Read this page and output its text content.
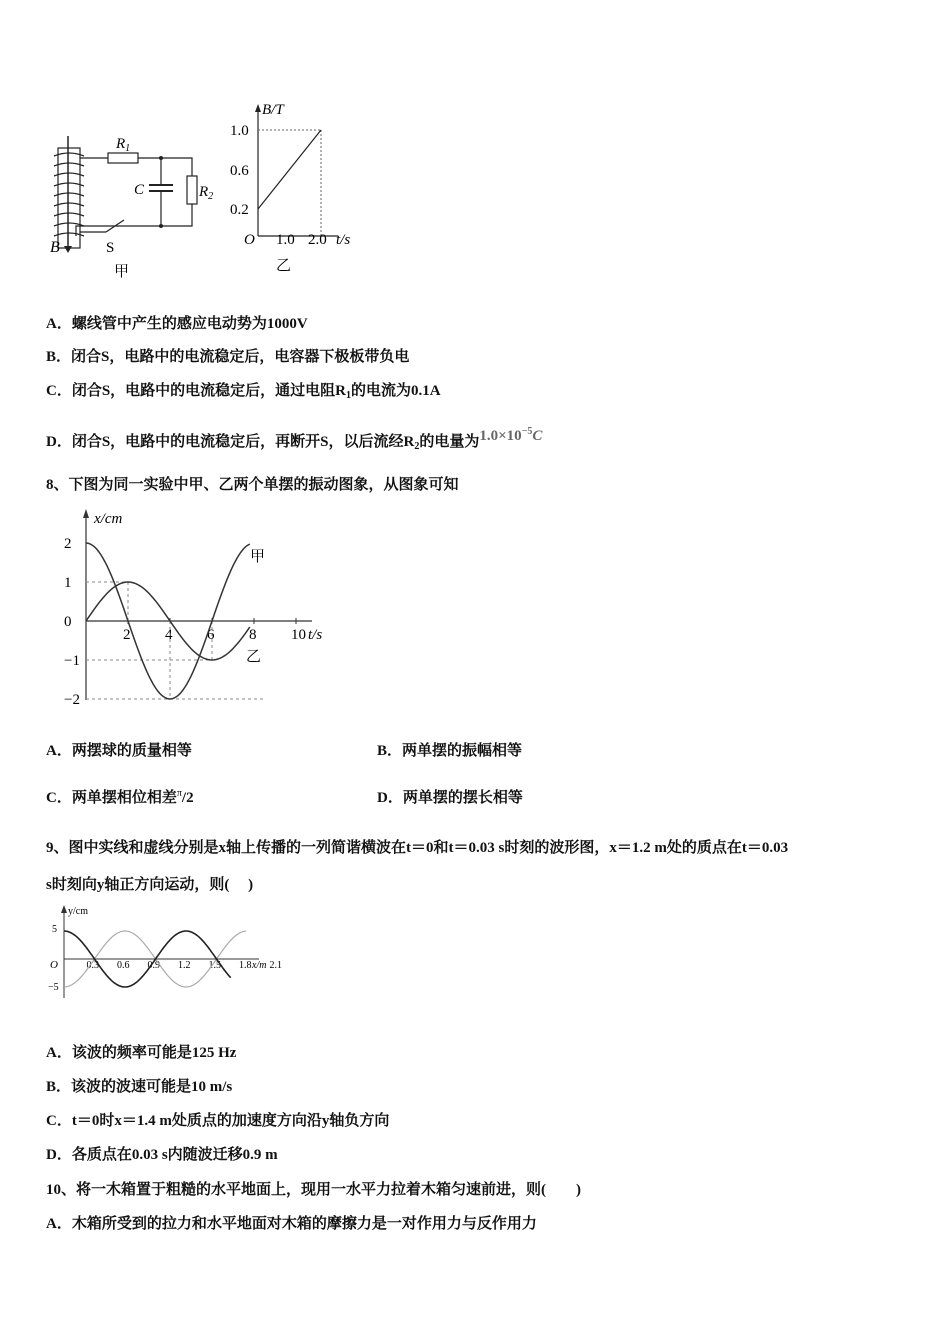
B
$R_1$
$R_2$
C
S
甲
B/T
t/s
O
1.0
0.6
0.2
1.0 2.0
乙
A．螺线管中产生的感应电动势为1000V
B．闭合S，电路中的电流稳定后，电容器下极板带负电
C．闭合S，电路中的电流稳定后，通过电阻$R_1$的电流为0.1A
D．闭合S，电路中的电流稳定后，再断开S，以后流经$R_2$的电量为$1.0\times 10^{-5}C$
8、下图为同一实验中甲、乙两个单摆的振动图象，从图象可知
x/cm
t/s
2
1
0
−1
−2
2 4 6 8 10
甲
乙
A．两摆球的质量相等	B．两单摆的振幅相等
C．两单摆相位相差$^\pi$/2	D．两单摆的摆长相等
9、图中实线和虚线分别是x轴上传播的一列简谐横波在t＝0和t＝0.03 s时刻的波形图，x＝1.2 m处的质点在t＝0.03
s时刻向y轴正方向运动，则(　 )
y/cm
x/m
O
5
−5
0.3 0.6 0.9 1.2 1.5 1.8 2.1
A．该波的频率可能是125 Hz
B．该波的波速可能是10 m/s
C．t＝0时x＝1.4 m处质点的加速度方向沿y轴负方向
D．各质点在0.03 s内随波迁移0.9 m
10、将一木箱置于粗糙的水平地面上，现用一水平力拉着木箱匀速前进，则(　　)
A．木箱所受到的拉力和水平地面对木箱的摩擦力是一对作用力与反作用力
